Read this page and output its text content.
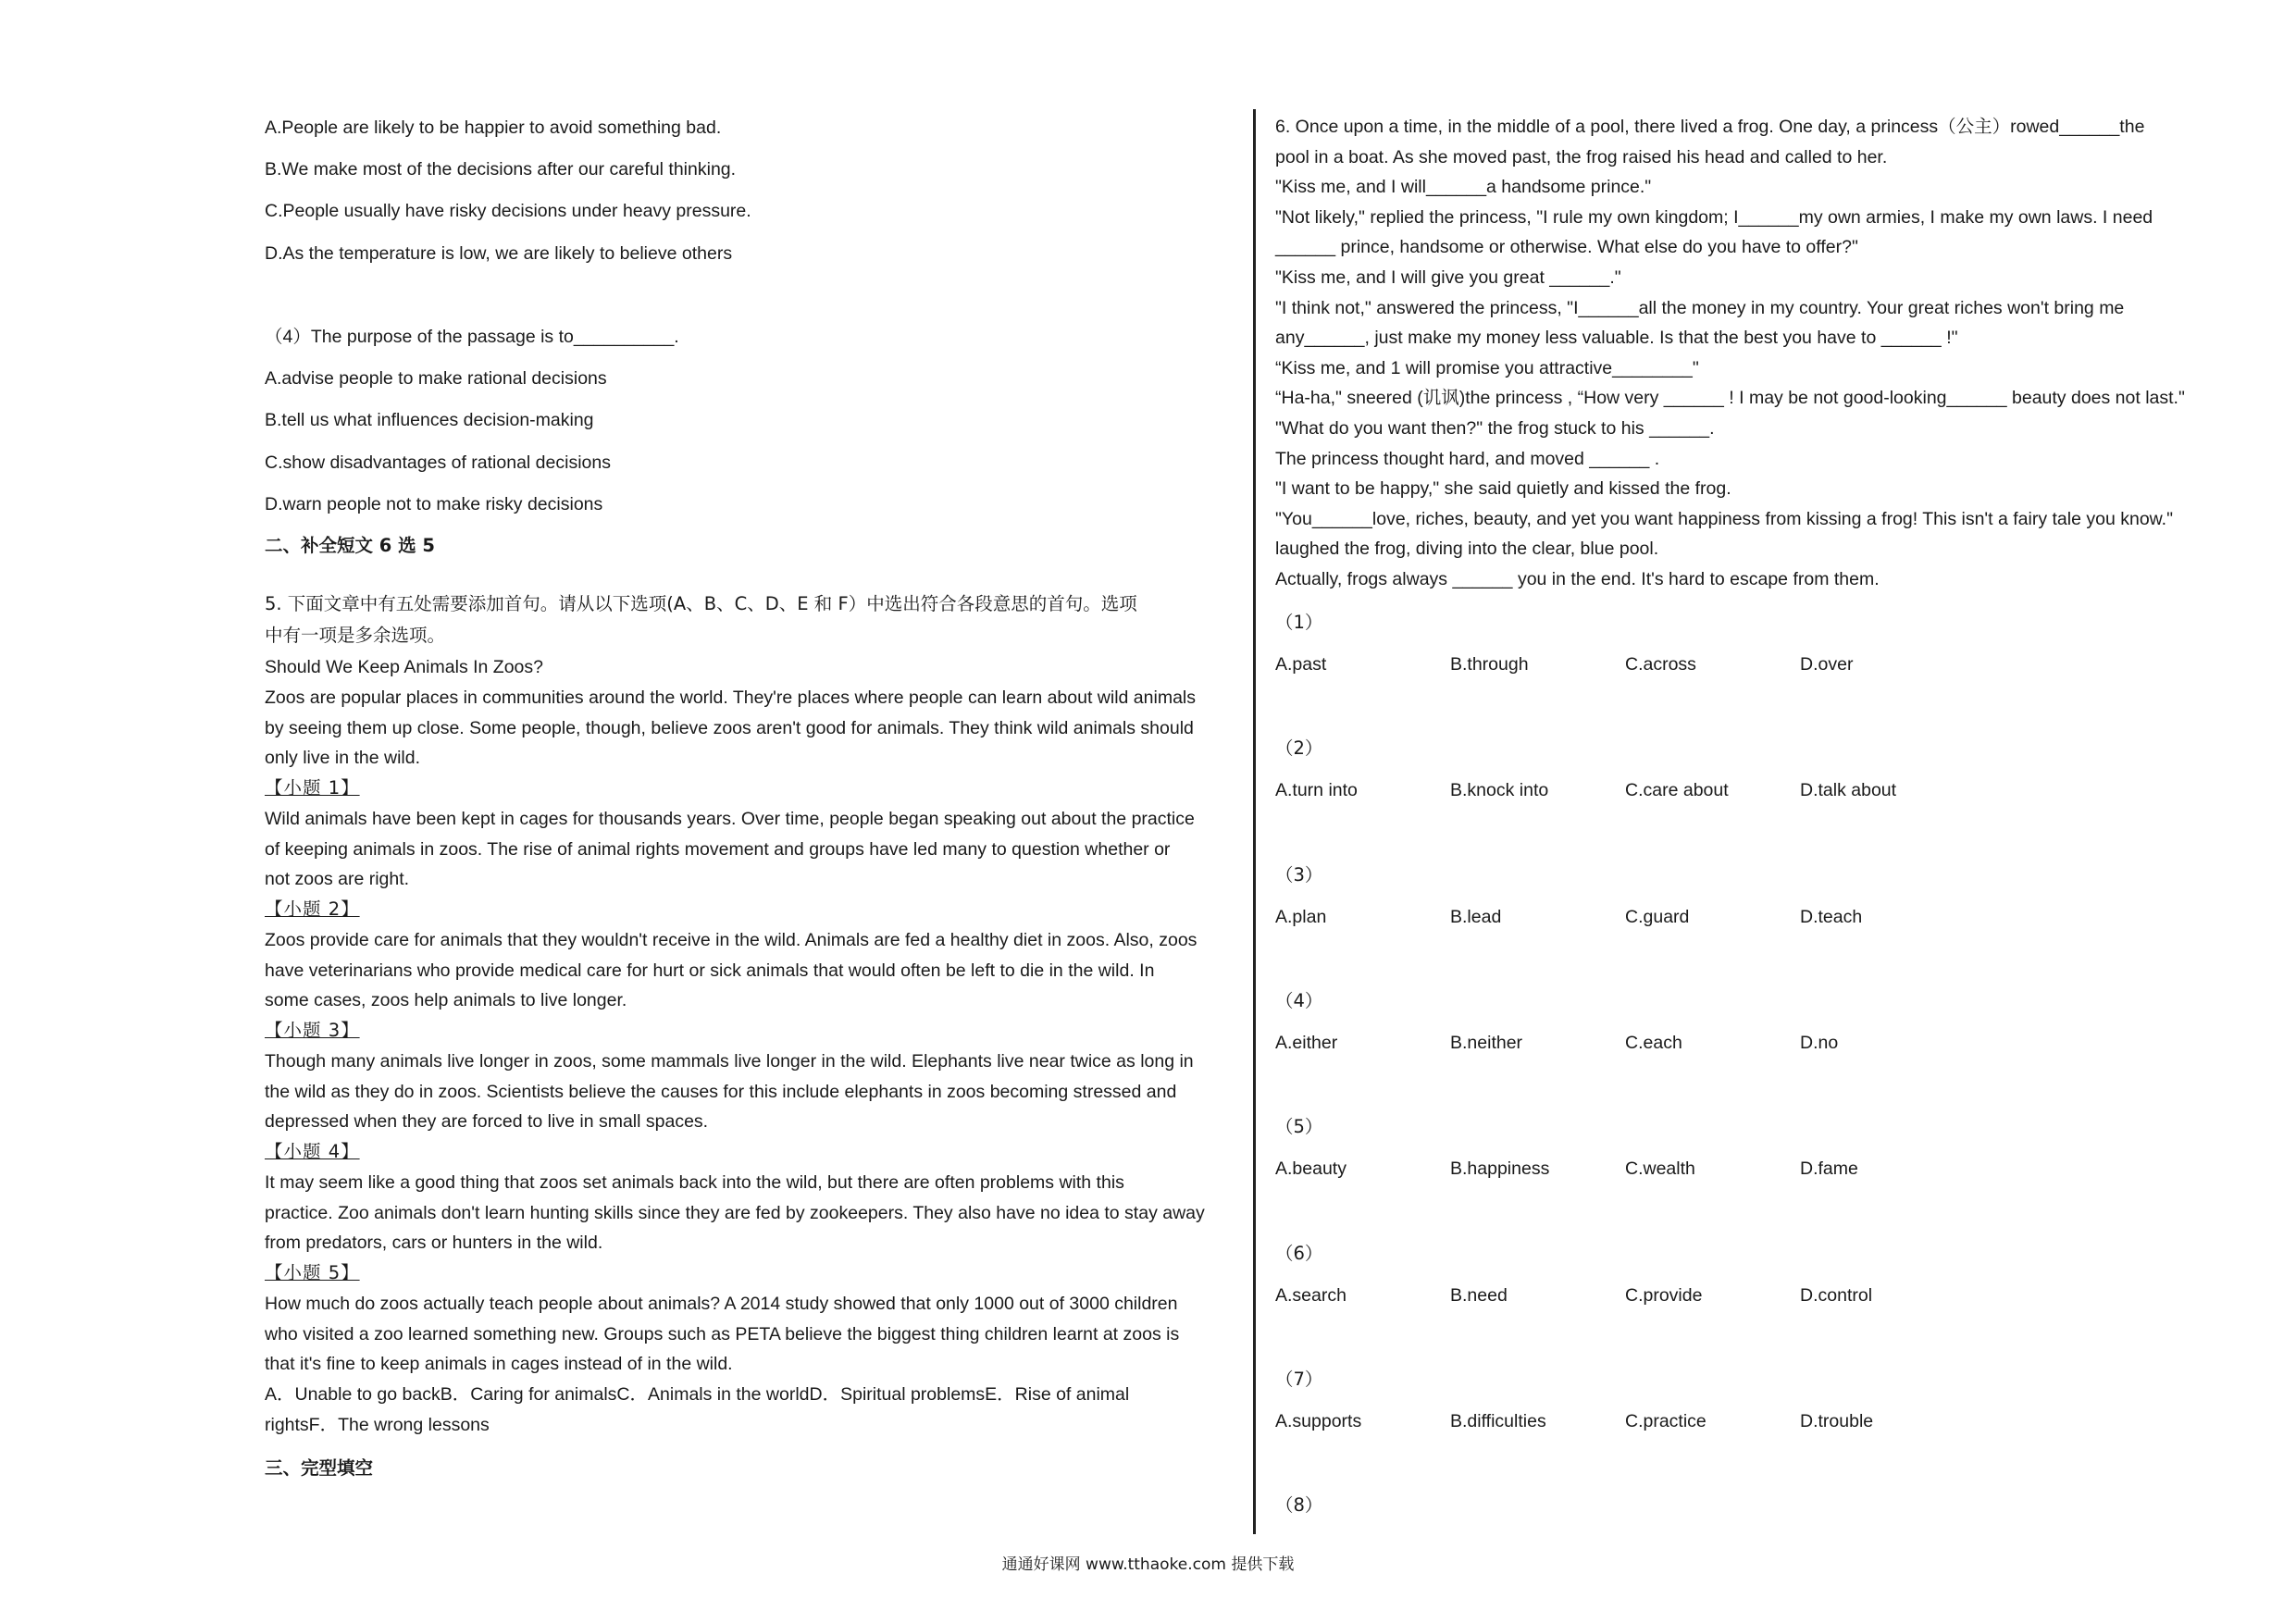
A.People are likely to be happier to avoid something bad.
B.We make most of the decisions after our careful thinking.
C.People usually have risky decisions under heavy pressure.
D.As the temperature is low, we are likely to believe others
（4）The purpose of the passage is to__________.
A.advise people to make rational decisions
B.tell us what influences decision-making
C.show disadvantages of rational decisions
D.warn people not to make risky decisions
二、补全短文 6 选 5
5. 下面文章中有五处需要添加首句。请从以下选项(A、B、C、D、E 和 F）中选出符合各段意思的首句。选项
中有一项是多余选项。
Should We Keep Animals In Zoos?
Zoos are popular places in communities around the world. They're places where people can learn about wild animals
by seeing them up close. Some people, though, believe zoos aren't good for animals. They think wild animals should
only live in the wild.
【小题 1】
Wild animals have been kept in cages for thousands years. Over time, people began speaking out about the practice
of keeping animals in zoos. The rise of animal rights movement and groups have led many to question whether or
not zoos are right.
【小题 2】
Zoos provide care for animals that they wouldn't receive in the wild. Animals are fed a healthy diet in zoos. Also, zoos
have veterinarians who provide medical care for hurt or sick animals that would often be left to die in the wild. In
some cases, zoos help animals to live longer.
【小题 3】
Though many animals live longer in zoos, some mammals live longer in the wild. Elephants live near twice as long in
the wild as they do in zoos. Scientists believe the causes for this include elephants in zoos becoming stressed and
depressed when they are forced to live in small spaces.
【小题 4】
It may seem like a good thing that zoos set animals back into the wild, but there are often problems with this
practice. Zoo animals don't learn hunting skills since they are fed by zookeepers. They also have no idea to stay away
from predators, cars or hunters in the wild.
【小题 5】
How much do zoos actually teach people about animals? A 2014 study showed that only 1000 out of 3000 children
who visited a zoo learned something new. Groups such as PETA believe the biggest thing children learnt at zoos is
that it's fine to keep animals in cages instead of in the wild.
A．Unable to go backB．Caring for animalsC．Animals in the worldD．Spiritual problemsE．Rise of animal
rightsF．The wrong lessons
三、完型填空
6. Once upon a time, in the middle of a pool, there lived a frog. One day, a princess（公主）rowed______the
pool in a boat. As she moved past, the frog raised his head and called to her.
"Kiss me, and I will______a handsome prince."
"Not likely," replied the princess, "I rule my own kingdom; I______my own armies, I make my own laws. I need
______ prince, handsome or otherwise. What else do you have to offer?"
"Kiss me, and I will give you great ______."
"I think not," answered the princess, "I______all the money in my country. Your great riches won't bring me
any______, just make my money less valuable. Is that the best you have to ______ !"
“Kiss me, and 1 will promise you attractive________"
“Ha-ha," sneered (讥讽)the princess , “How very ______ ! I may be not good-looking______ beauty does not last."
"What do you want then?" the frog stuck to his ______.
The princess thought hard, and moved ______ .
"I want to be happy," she said quietly and kissed the frog.
"You______love, riches, beauty, and yet you want happiness from kissing a frog! This isn't a fairy tale you know."
laughed the frog, diving into the clear, blue pool.
Actually, frogs always ______ you in the end. It's hard to escape from them.
（1）
A.past	B.through	C.across	D.over
（2）
A.turn into	B.knock into	C.care about	D.talk about
（3）
A.plan	B.lead	C.guard	D.teach
（4）
A.either	B.neither	C.each	D.no
（5）
A.beauty	B.happiness	C.wealth	D.fame
（6）
A.search	B.need	C.provide	D.control
（7）
A.supports	B.difficulties	C.practice	D.trouble
（8）
通通好课网 www.tthaoke.com 提供下载
